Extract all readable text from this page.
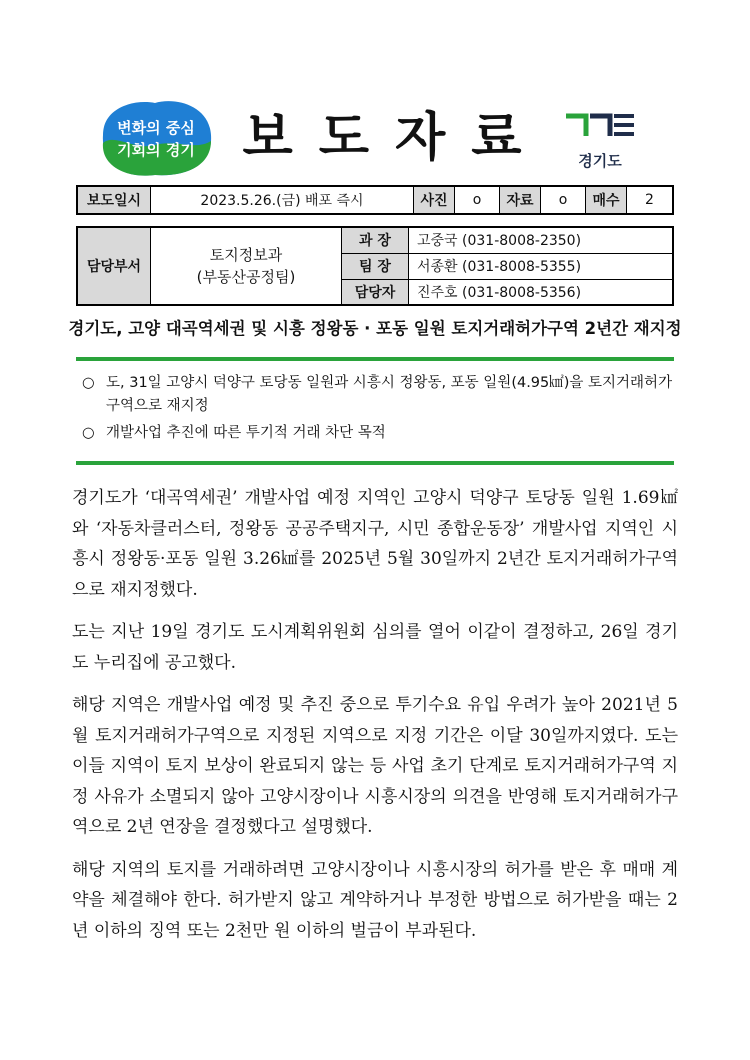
변화의 중심
기회의 경기 보도자료	경기도
보도일시	2023.5.26.(금) 배포 즉시	사진	o	자료	o	매수	2
담당부서	토지정보과
(부동산공정팀)	과 장	고중국 (031-8008-2350)
		팀 장	서종환 (031-8008-5355)
		담당자	진주호 (031-8008-5356)
경기도, 고양 대곡역세권 및 시흥 정왕동 · 포동 일원 토지거래허가구역 2년간 재지정
○ 도, 31일 고양시 덕양구 토당동 일원과 시흥시 정왕동, 포동 일원(4.95㎢)을 토지거래허가구역으로 재지정
○ 개발사업 추진에 따른 투기적 거래 차단 목적

경기도가 ‘대곡역세권’ 개발사업 예정 지역인 고양시 덕양구 토당동 일원 1.69㎢와 ‘자동차클러스터, 정왕동 공공주택지구, 시민 종합운동장’ 개발사업 지역인 시흥시 정왕동·포동 일원 3.26㎢를 2025년 5월 30일까지 2년간 토지거래허가구역으로 재지정했다.

도는 지난 19일 경기도 도시계획위원회 심의를 열어 이같이 결정하고, 26일 경기도 누리집에 공고했다.

해당 지역은 개발사업 예정 및 추진 중으로 투기수요 유입 우려가 높아 2021년 5월 토지거래허가구역으로 지정된 지역으로 지정 기간은 이달 30일까지였다. 도는 이들 지역이 토지 보상이 완료되지 않는 등 사업 초기 단계로 토지거래허가구역 지정 사유가 소멸되지 않아 고양시장이나 시흥시장의 의견을 반영해 토지거래허가구역으로 2년 연장을 결정했다고 설명했다.

해당 지역의 토지를 거래하려면 고양시장이나 시흥시장의 허가를 받은 후 매매 계약을 체결해야 한다. 허가받지 않고 계약하거나 부정한 방법으로 허가받을 때는 2년 이하의 징역 또는 2천만 원 이하의 벌금이 부과된다.
